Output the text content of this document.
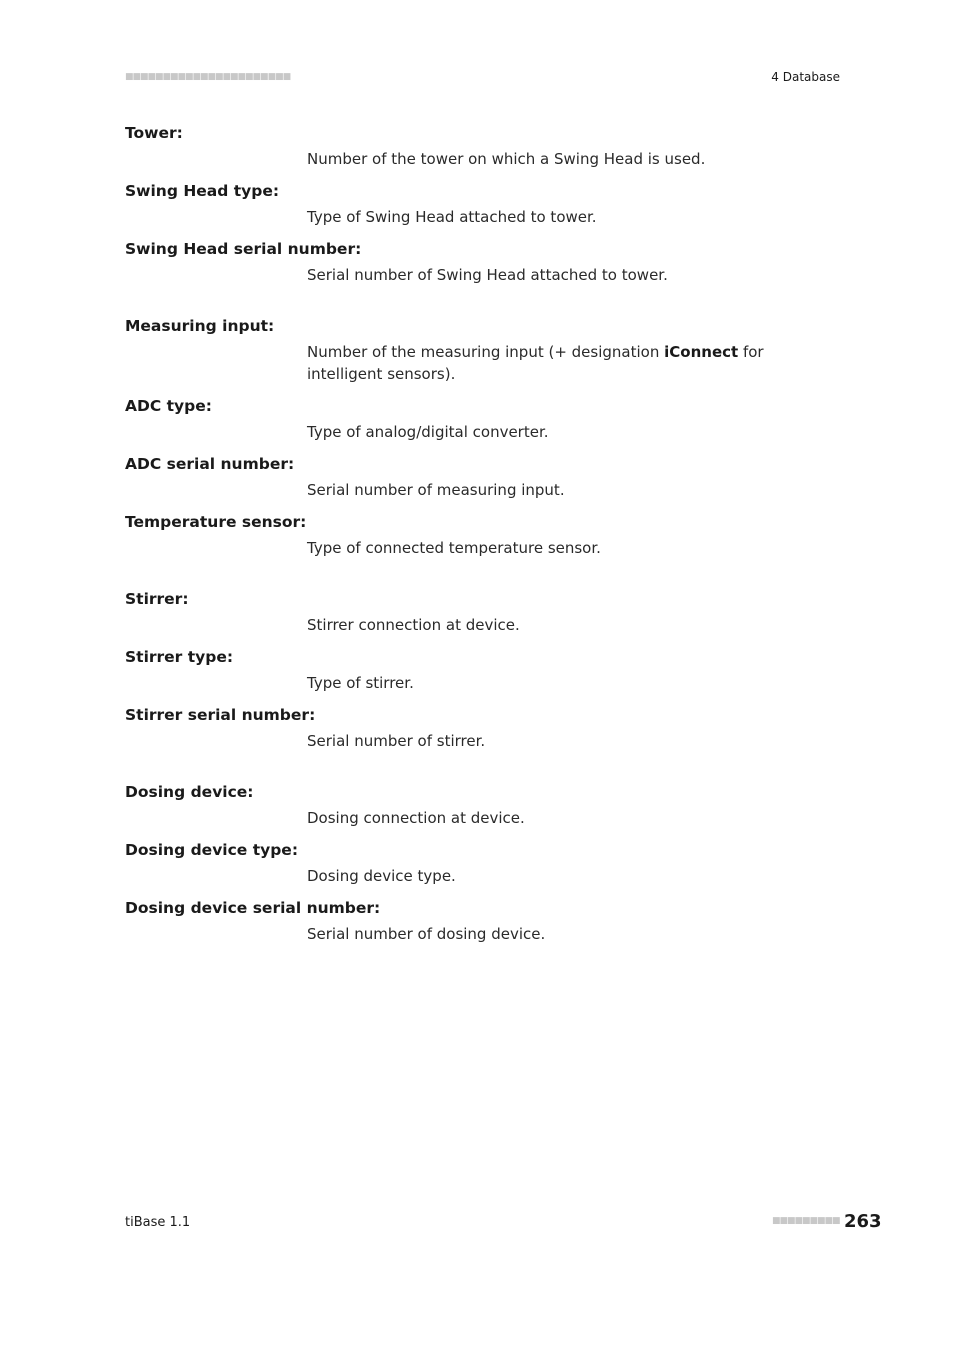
■■■■■■■■■■■■■■■■■■■■■■	4 Database

Tower:

Number of the tower on which a Swing Head is used.

Swing Head type:

Type of Swing Head attached to tower.

Swing Head serial number:

Serial number of Swing Head attached to tower.

Measuring input:

Number of the measuring input (+ designation iConnect for intelligent sensors).

ADC type:

Type of analog/digital converter.

ADC serial number:

Serial number of measuring input.

Temperature sensor:

Type of connected temperature sensor.

Stirrer:

Stirrer connection at device.

Stirrer type:

Type of stirrer.

Stirrer serial number:

Serial number of stirrer.

Dosing device:

Dosing connection at device.

Dosing device type:

Dosing device type.

Dosing device serial number:

Serial number of dosing device.

tiBase 1.1	■■■■■■■■■ 263
